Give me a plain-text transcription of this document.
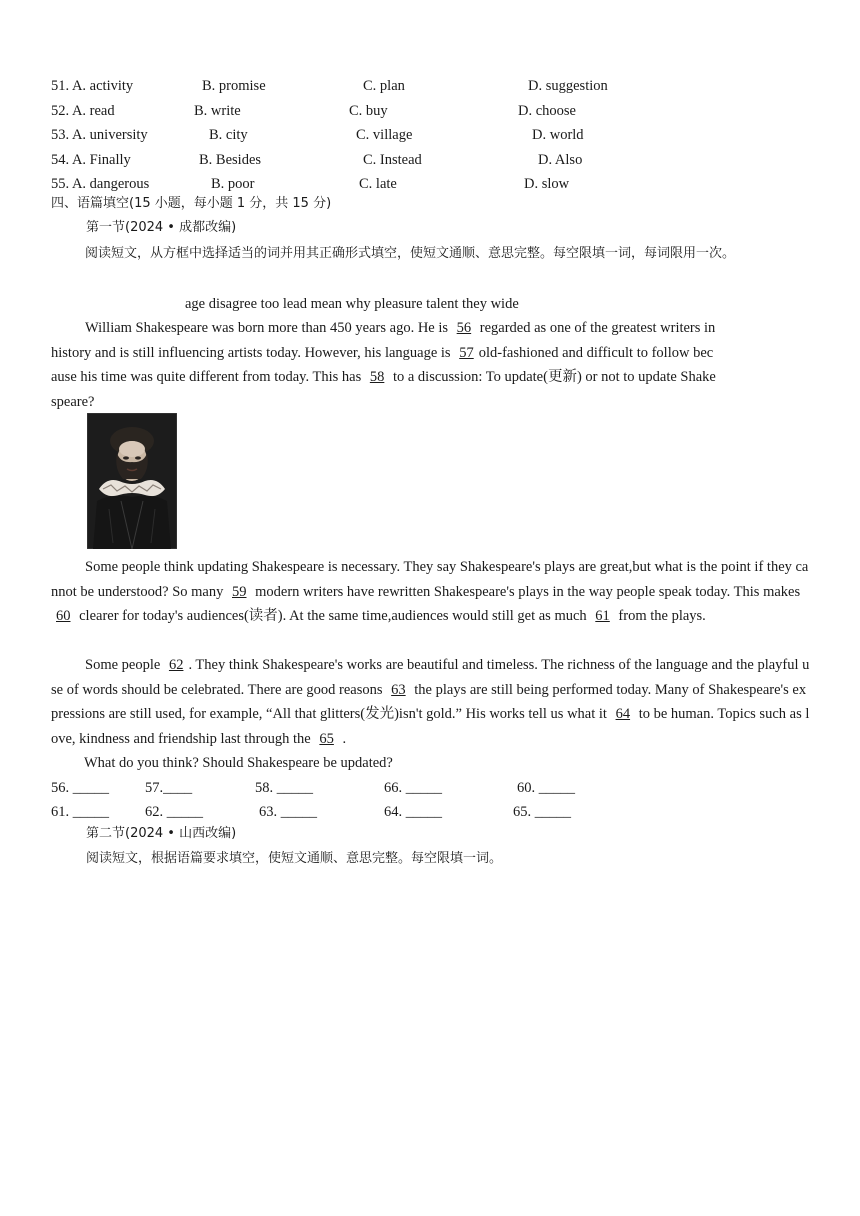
51. A. activity	B. promise	C. plan	D. suggestion
52. A. read	B. write	C. buy	D. choose
53. A. university	B. city	C. village	D. world
54. A. Finally	B. Besides	C. Instead	D. Also
55. A. dangerous	B. poor	C. late	D. slow
四、语篇填空(15 小题，每小题 1 分，共 15 分)
第一节(2024 • 成都改编)
阅读短文，从方框中选择适当的词并用其正确形式填空，使短文通顺、意思完整。每空限填一词，每词限用一次。
age disagree too lead mean why pleasure talent they wide
William Shakespeare was born more than 450 years ago. He is 56 regarded as one of the greatest writers in history and is still influencing artists today. However, his language is 57 old-fashioned and difficult to follow because his time was quite different from today. This has 58 to a discussion: To update(更新) or not to update Shakespeare?
Some people think updating Shakespeare is necessary. They say Shakespeare's plays are great,but what is the point if they cannot be understood? So many 59 modern writers have rewritten Shakespeare's plays in the way people speak today. This makes 60 clearer for today's audiences(读者). At the same time,audiences would still get as much 61 from the plays.
Some people 62 . They think Shakespeare's works are beautiful and timeless. The richness of the language and the playful use of words should be celebrated. There are good reasons 63 the plays are still being performed today. Many of Shakespeare's expressions are still used, for example, “All that glitters(发光)isn't gold.” His works tell us what it 64 to be human. Topics such as love, kindness and friendship last through the 65 .
What do you think? Should Shakespeare be updated?
56. _____ 57.____	58. _____	66. _____	60. _____
61. _____ 62. _____	63. _____	64. _____	65. _____
第二节(2024 • 山西改编)
阅读短文，根据语篇要求填空，使短文通顺、意思完整。每空限填一词。
